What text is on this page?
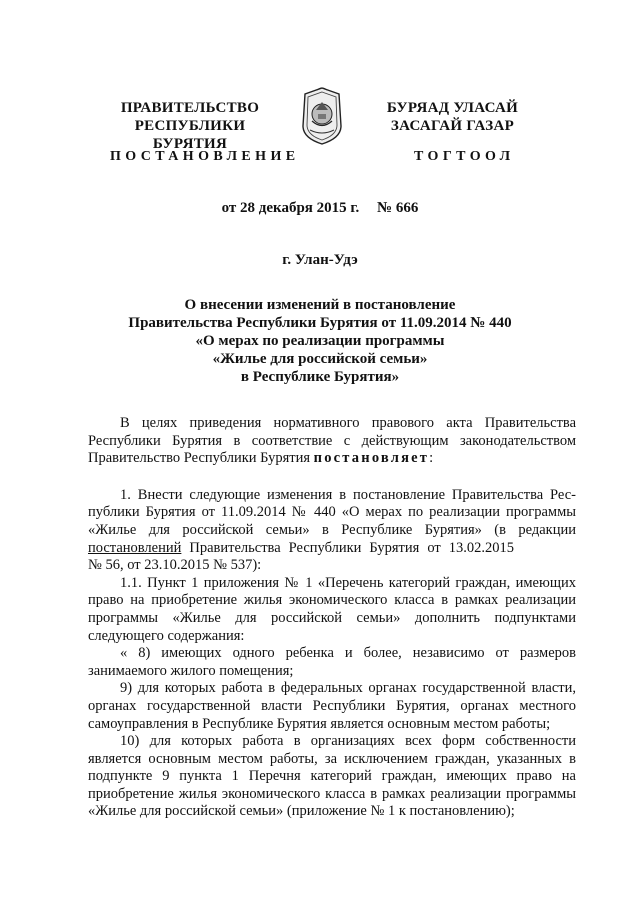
ПРАВИТЕЛЬСТВО
РЕСПУБЛИКИ БУРЯТИЯ
БУРЯАД УЛАСАЙ
ЗАСАГАЙ ГАЗАР
ПОСТАНОВЛЕНИЕ	ТОГТООЛ
от 28 декабря 2015 г. № 666
г. Улан-Удэ
О внесении изменений в постановление
Правительства Республики Бурятия от 11.09.2014 № 440
«О мерах по реализации программы
«Жилье для российской семьи»
в Республике Бурятия»

В целях приведения нормативного правового акта Правительства Республики Бурятия в соответствие с действующим законодательством Правительство Республики Бурятия постановляет:

1. Внести следующие изменения в постановление Правительства Рес-публики Бурятия от 11.09.2014 № 440 «О мерах по реализации программы «Жилье для российской семьи» в Республике Бурятия» (в редакции постановлений Правительства Республики Бурятия от 13.02.2015№ 56, от 23.10.2015 № 537):

1.1. Пункт 1 приложения № 1 «Перечень категорий граждан, имеющих право на приобретение жилья экономического класса в рамках реализации программы «Жилье для российской семьи» дополнить подпунктами следующего содержания:

« 8) имеющих одного ребенка и более, независимо от размеров занимаемого жилого помещения;

9) для которых работа в федеральных органах государственной власти, органах государственной власти Республики Бурятия, органах местного самоуправления в Республике Бурятия является основным местом работы;

10) для которых работа в организациях всех форм собственности является основным местом работы, за исключением граждан, указанных в подпункте 9 пункта 1 Перечня категорий граждан, имеющих право на приобретение жилья экономического класса в рамках реализации программы «Жилье для российской семьи» (приложение № 1 к постановлению);
